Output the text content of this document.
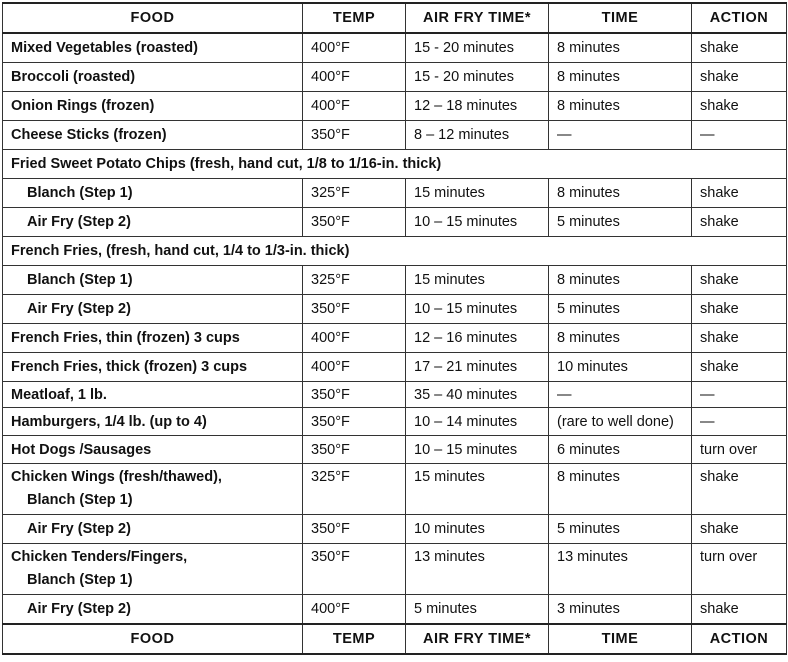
FOOD	TEMP	AIR FRY TIME*	TIME	ACTION
Mixed Vegetables (roasted)	400°F	15 - 20 minutes	8 minutes	shake
Broccoli (roasted)	400°F	15 - 20 minutes	8 minutes	shake
Onion Rings (frozen)	400°F	12 – 18 minutes	8 minutes	shake
Cheese Sticks (frozen)	350°F	8 – 12 minutes	—	—
Fried Sweet Potato Chips (fresh, hand cut, 1/8 to 1/16-in. thick)				
Blanch (Step 1)	325°F	15 minutes	8 minutes	shake
Air Fry (Step 2)	350°F	10 – 15 minutes	5 minutes	shake
French Fries, (fresh, hand cut, 1/4 to 1/3-in. thick)				
Blanch (Step 1)	325°F	15 minutes	8 minutes	shake
Air Fry (Step 2)	350°F	10 – 15 minutes	5 minutes	shake
French Fries, thin (frozen) 3 cups	400°F	12 – 16 minutes	8 minutes	shake
French Fries, thick (frozen) 3 cups	400°F	17 – 21 minutes	10 minutes	shake
Meatloaf, 1 lb.	350°F	35 – 40 minutes	—	—
Hamburgers, 1/4 lb. (up to 4)	350°F	10 – 14 minutes	(rare to well done)	—
Hot Dogs /Sausages	350°F	10 – 15 minutes	6 minutes	turn over
Chicken Wings (fresh/thawed),
Blanch (Step 1)	325°F	15 minutes	8 minutes	shake
Air Fry (Step 2)	350°F	10 minutes	5 minutes	shake
Chicken Tenders/Fingers,
Blanch (Step 1)	350°F	13 minutes	13 minutes	turn over
Air Fry (Step 2)	400°F	5 minutes	3 minutes	shake
FOOD	TEMP	AIR FRY TIME*	TIME	ACTION
